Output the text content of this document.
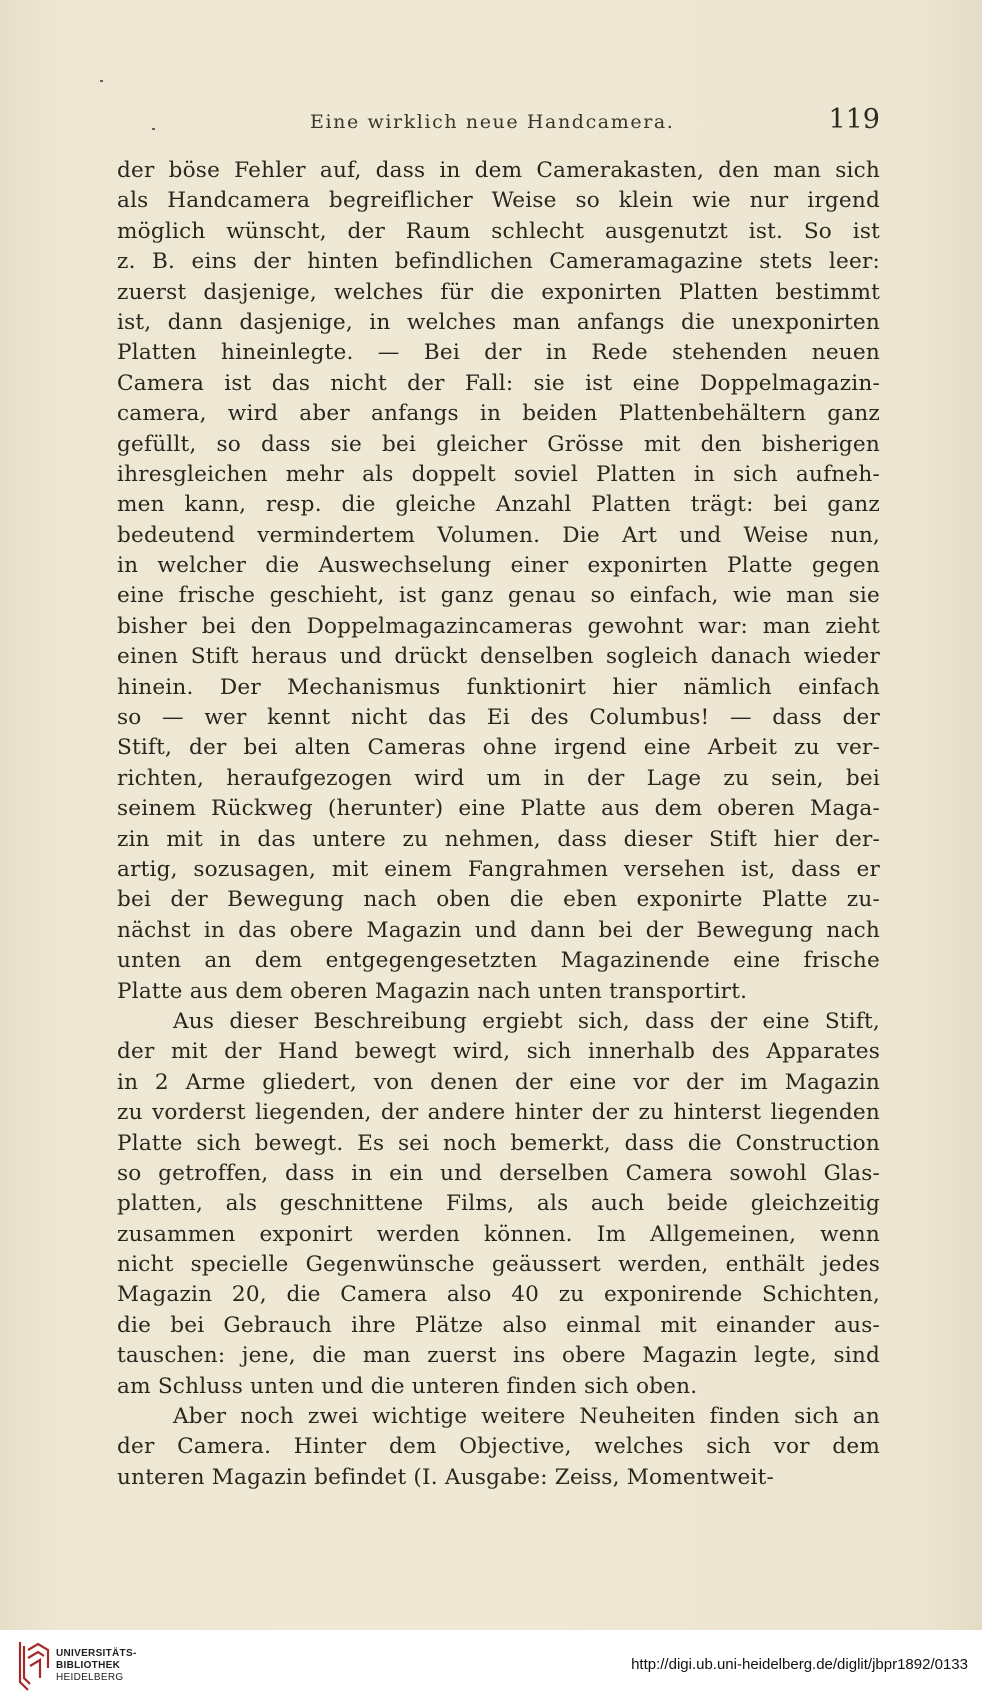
Eine wirklich neue Handcamera.	119
der böse Fehler auf, dass in dem Camerakasten, den man sich
als Handcamera begreiflicher Weise so klein wie nur irgend
möglich wünscht, der Raum schlecht ausgenutzt ist. So ist
z. B. eins der hinten befindlichen Cameramagazine stets leer:
zuerst dasjenige, welches für die exponirten Platten bestimmt
ist, dann dasjenige, in welches man anfangs die unexponirten
Platten hineinlegte. — Bei der in Rede stehenden neuen
Camera ist das nicht der Fall: sie ist eine Doppelmagazin-
camera, wird aber anfangs in beiden Plattenbehältern ganz
gefüllt, so dass sie bei gleicher Grösse mit den bisherigen
ihresgleichen mehr als doppelt soviel Platten in sich aufneh-
men kann, resp. die gleiche Anzahl Platten trägt: bei ganz
bedeutend vermindertem Volumen. Die Art und Weise nun,
in welcher die Auswechselung einer exponirten Platte gegen
eine frische geschieht, ist ganz genau so einfach, wie man sie
bisher bei den Doppelmagazincameras gewohnt war: man zieht
einen Stift heraus und drückt denselben sogleich danach wieder
hinein. Der Mechanismus funktionirt hier nämlich einfach
so — wer kennt nicht das Ei des Columbus! — dass der
Stift, der bei alten Cameras ohne irgend eine Arbeit zu ver-
richten, heraufgezogen wird um in der Lage zu sein, bei
seinem Rückweg (herunter) eine Platte aus dem oberen Maga-
zin mit in das untere zu nehmen, dass dieser Stift hier der-
artig, sozusagen, mit einem Fangrahmen versehen ist, dass er
bei der Bewegung nach oben die eben exponirte Platte zu-
nächst in das obere Magazin und dann bei der Bewegung nach
unten an dem entgegengesetzten Magazinende eine frische
Platte aus dem oberen Magazin nach unten transportirt.
Aus dieser Beschreibung ergiebt sich, dass der eine Stift,
der mit der Hand bewegt wird, sich innerhalb des Apparates
in 2 Arme gliedert, von denen der eine vor der im Magazin
zu vorderst liegenden, der andere hinter der zu hinterst liegenden
Platte sich bewegt. Es sei noch bemerkt, dass die Construction
so getroffen, dass in ein und derselben Camera sowohl Glas-
platten, als geschnittene Films, als auch beide gleichzeitig
zusammen exponirt werden können. Im Allgemeinen, wenn
nicht specielle Gegenwünsche geäussert werden, enthält jedes
Magazin 20, die Camera also 40 zu exponirende Schichten,
die bei Gebrauch ihre Plätze also einmal mit einander aus-
tauschen: jene, die man zuerst ins obere Magazin legte, sind
am Schluss unten und die unteren finden sich oben.
Aber noch zwei wichtige weitere Neuheiten finden sich an
der Camera. Hinter dem Objective, welches sich vor dem
unteren Magazin befindet (I. Ausgabe: Zeiss, Momentweit-
UNIVERSITÄTS-
BIBLIOTHEK
HEIDELBERG
http://digi.ub.uni-heidelberg.de/diglit/jbpr1892/0133
